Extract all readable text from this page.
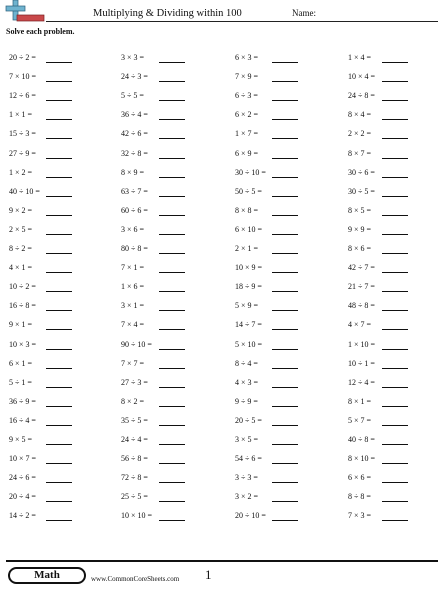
Multiplying & Dividing within 100	Name:
Solve each problem.
20 ÷ 2 =	3 × 3 =	6 × 3 =	1 × 4 =
7 × 10 =	24 ÷ 3 =	7 × 9 =	10 × 4 =
12 ÷ 6 =	5 ÷ 5 =	6 ÷ 3 =	24 ÷ 8 =
1 × 1 =	36 ÷ 4 =	6 × 2 =	8 × 4 =
15 ÷ 3 =	42 ÷ 6 =	1 × 7 =	2 × 2 =
27 ÷ 9 =	32 ÷ 8 =	6 × 9 =	8 × 7 =
1 × 2 =	8 × 9 =	30 ÷ 10 =	30 ÷ 6 =
40 ÷ 10 =	63 ÷ 7 =	50 ÷ 5 =	30 ÷ 5 =
9 × 2 =	60 ÷ 6 =	8 × 8 =	8 × 5 =
2 × 5 =	3 × 6 =	6 × 10 =	9 × 9 =
8 ÷ 2 =	80 ÷ 8 =	2 × 1 =	8 × 6 =
4 × 1 =	7 × 1 =	10 × 9 =	42 ÷ 7 =
10 ÷ 2 =	1 × 6 =	18 ÷ 9 =	21 ÷ 7 =
16 ÷ 8 =	3 × 1 =	5 × 9 =	48 ÷ 8 =
9 × 1 =	7 × 4 =	14 ÷ 7 =	4 × 7 =
10 × 3 =	90 ÷ 10 =	5 × 10 =	1 × 10 =
6 × 1 =	7 × 7 =	8 ÷ 4 =	10 ÷ 1 =
5 ÷ 1 =	27 ÷ 3 =	4 × 3 =	12 ÷ 4 =
36 ÷ 9 =	8 × 2 =	9 ÷ 9 =	8 × 1 =
16 ÷ 4 =	35 ÷ 5 =	20 ÷ 5 =	5 × 7 =
9 × 5 =	24 ÷ 4 =	3 × 5 =	40 ÷ 8 =
10 × 7 =	56 ÷ 8 =	54 ÷ 6 =	8 × 10 =
24 ÷ 6 =	72 ÷ 8 =	3 ÷ 3 =	6 × 6 =
20 ÷ 4 =	25 ÷ 5 =	3 × 2 =	8 ÷ 8 =
14 ÷ 2 =	10 × 10 =	20 ÷ 10 =	7 × 3 =
Math	www.CommonCoreSheets.com 1
